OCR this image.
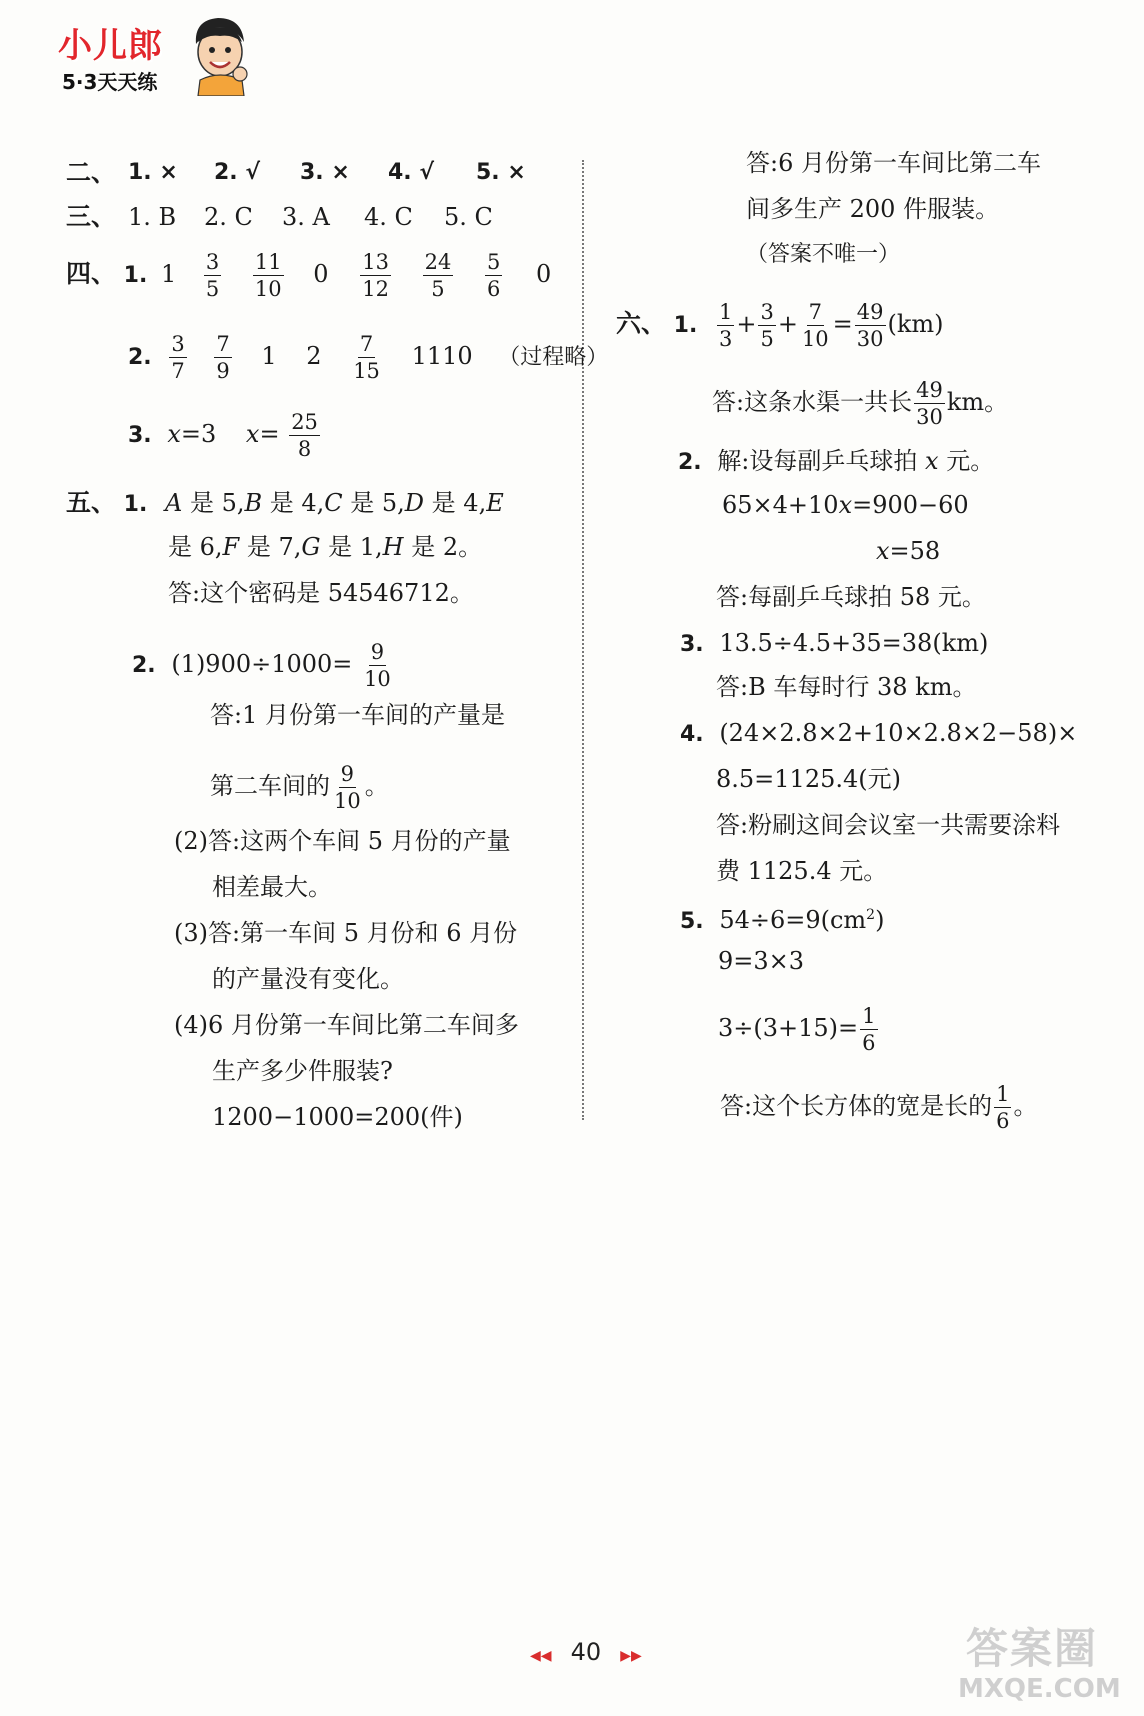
小儿郎
5·3天天练
二、 1. × 2. √ 3. × 4. √ 5. ×
三、 1. B 2. C 3. A 4. C 5. C
四、 1. $1 \frac{3}{5}$
$\frac{11}{10} 0 \frac{13}{12}$
$\frac{24}{5}$
$\frac{5}{6} 0$
2. $\frac{3}{7}$
$\frac{7}{9} 1$ $2 \frac{7}{15} 1110$ （过程略）
3. x=3 $x= \frac{25}{8}$
五、 1. A 是 5,B 是 4,C 是 5,D 是 4,E
是 6,F 是 7,G 是 1,H 是 2。
答:这个密码是 54546712。
2. $(1)900\div 1000= \frac{9}{10}$
答:1 月份第一车间的产量是
第二车间的 $\frac{9}{10}$ 。
(2)答:这两个车间 5 月份的产量
相差最大。
(3)答:第一车间 5 月份和 6 月份
的产量没有变化。
(4)6 月份第一车间比第二车间多
生产多少件服装?
1200−1000=200(件)
答:6 月份第一车间比第二车
间多生产 200 件服装。
（答案不唯一）
六、 1. $\frac{1}{3} + \frac{3}{5} + \frac{7}{10} = \frac{49}{30} (km)$
答:这条水渠一共长 $\frac{49}{30}$ km。
2. 解:设每副乒乓球拍 x 元。
65×4+10x=900−60
x=58
答:每副乒乓球拍 58 元。
3. 13.5÷4.5+35=38(km)
答:B 车每时行 38 km。
4. (24×2.8×2+10×2.8×2−58)×
8.5=1125.4(元)
答:粉刷这间会议室一共需要涂料
费 1125.4 元。
5. $54\div 6=9(cm^2)$
9=3×3
$3\div(3+15)= \frac{1}{6}$
答:这个长方体的宽是长的 $\frac{1}{6}$ 。
◀◀ 40 ▶▶	答案圈
MXQE.COM
